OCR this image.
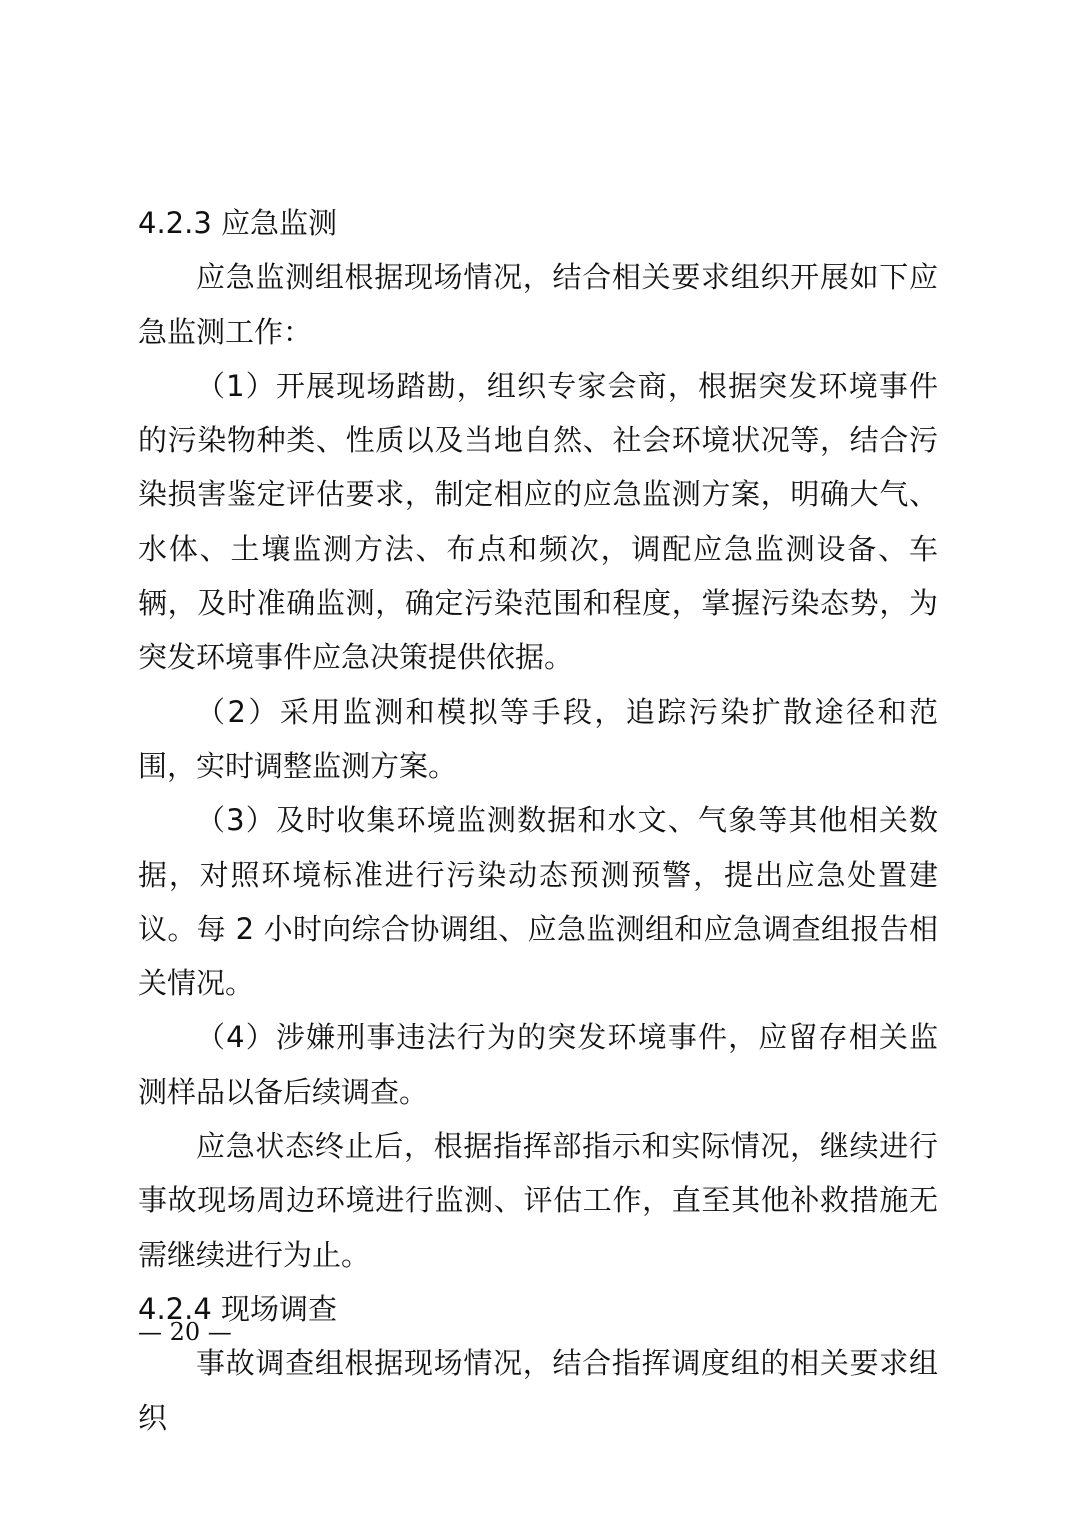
4.2.3 应急监测

应急监测组根据现场情况，结合相关要求组织开展如下应急监测工作：

（1）开展现场踏勘，组织专家会商，根据突发环境事件的污染物种类、性质以及当地自然、社会环境状况等，结合污染损害鉴定评估要求，制定相应的应急监测方案，明确大气、水体、土壤监测方法、布点和频次，调配应急监测设备、车辆，及时准确监测，确定污染范围和程度，掌握污染态势，为突发环境事件应急决策提供依据。

（2）采用监测和模拟等手段，追踪污染扩散途径和范围，实时调整监测方案。

（3）及时收集环境监测数据和水文、气象等其他相关数据，对照环境标准进行污染动态预测预警，提出应急处置建议。每 2 小时向综合协调组、应急监测组和应急调查组报告相关情况。

（4）涉嫌刑事违法行为的突发环境事件，应留存相关监测样品以备后续调查。

应急状态终止后，根据指挥部指示和实际情况，继续进行事故现场周边环境进行监测、评估工作，直至其他补救措施无需继续进行为止。

4.2.4 现场调查

事故调查组根据现场情况，结合指挥调度组的相关要求组织

— 20 —
